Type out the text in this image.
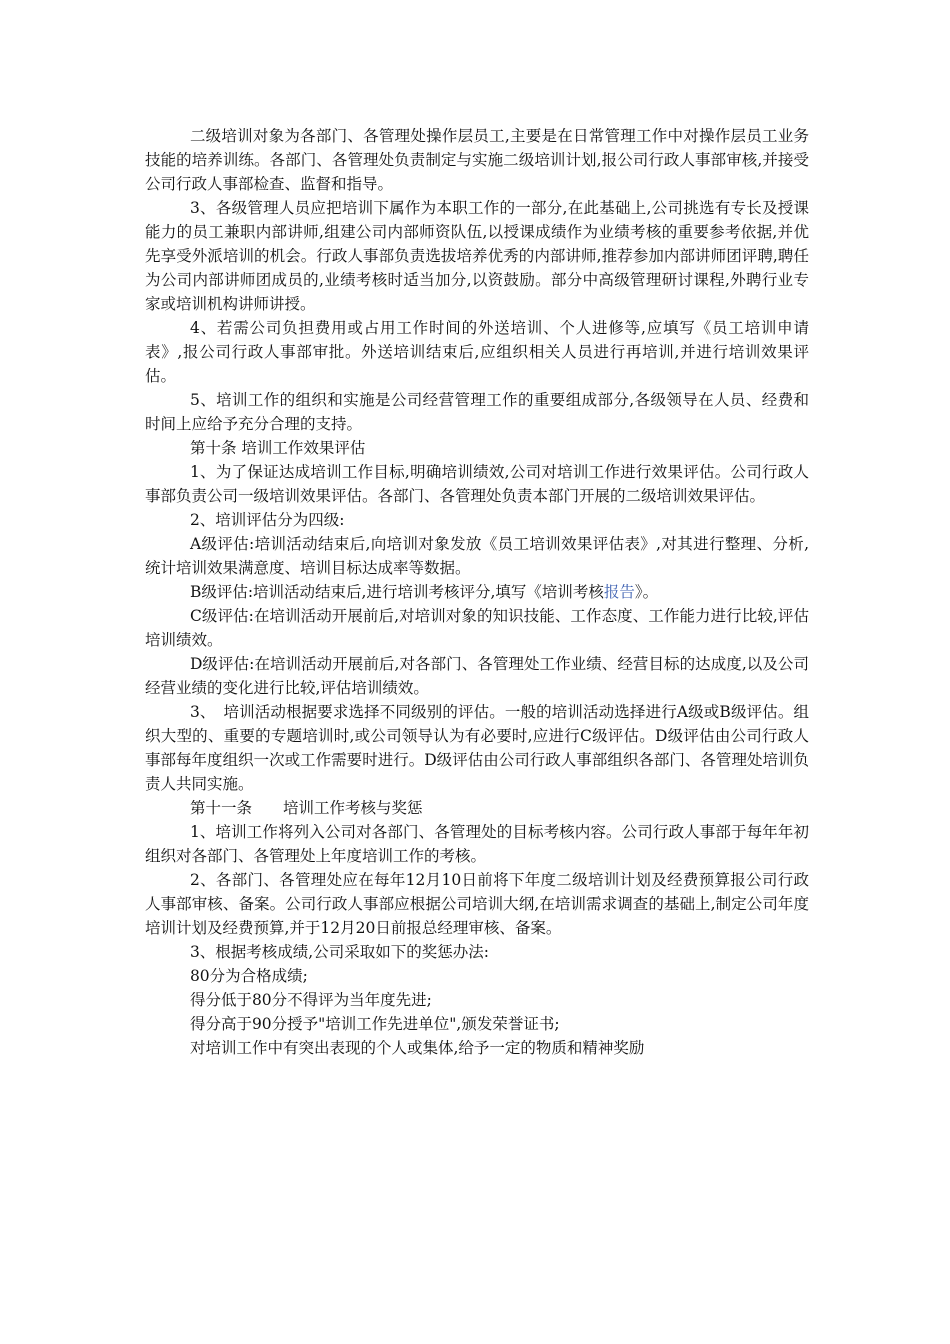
二级培训对象为各部门、各管理处操作层员工,主要是在日常管理工作中对操作层员工业务技能的培养训练。各部门、各管理处负责制定与实施二级培训计划,报公司行政人事部审核,并接受公司行政人事部检查、监督和指导。

3、各级管理人员应把培训下属作为本职工作的一部分,在此基础上,公司挑选有专长及授课能力的员工兼职内部讲师,组建公司内部师资队伍,以授课成绩作为业绩考核的重要参考依据,并优先享受外派培训的机会。行政人事部负责选拔培养优秀的内部讲师,推荐参加内部讲师团评聘,聘任为公司内部讲师团成员的,业绩考核时适当加分,以资鼓励。部分中高级管理研讨课程,外聘行业专家或培训机构讲师讲授。

4、若需公司负担费用或占用工作时间的外送培训、个人进修等,应填写《员工培训申请表》,报公司行政人事部审批。外送培训结束后,应组织相关人员进行再培训,并进行培训效果评估。

5、培训工作的组织和实施是公司经营管理工作的重要组成部分,各级领导在人员、经费和时间上应给予充分合理的支持。

第十条 培训工作效果评估

1、为了保证达成培训工作目标,明确培训绩效,公司对培训工作进行效果评估。公司行政人事部负责公司一级培训效果评估。各部门、各管理处负责本部门开展的二级培训效果评估。

2、培训评估分为四级:

A级评估:培训活动结束后,向培训对象发放《员工培训效果评估表》,对其进行整理、分析,统计培训效果满意度、培训目标达成率等数据。

B级评估:培训活动结束后,进行培训考核评分,填写《培训考核报告》。

C级评估:在培训活动开展前后,对培训对象的知识技能、工作态度、工作能力进行比较,评估培训绩效。

D级评估:在培训活动开展前后,对各部门、各管理处工作业绩、经营目标的达成度,以及公司经营业绩的变化进行比较,评估培训绩效。

3、　培训活动根据要求选择不同级别的评估。一般的培训活动选择进行A级或B级评估。组织大型的、重要的专题培训时,或公司领导认为有必要时,应进行C级评估。D级评估由公司行政人事部每年度组织一次或工作需要时进行。D级评估由公司行政人事部组织各部门、各管理处培训负责人共同实施。

第十一条　　培训工作考核与奖惩

1、培训工作将列入公司对各部门、各管理处的目标考核内容。公司行政人事部于每年年初组织对各部门、各管理处上年度培训工作的考核。

2、各部门、各管理处应在每年12月10日前将下年度二级培训计划及经费预算报公司行政人事部审核、备案。公司行政人事部应根据公司培训大纲,在培训需求调查的基础上,制定公司年度培训计划及经费预算,并于12月20日前报总经理审核、备案。

3、根据考核成绩,公司采取如下的奖惩办法:

80分为合格成绩;

得分低于80分不得评为当年度先进;

得分高于90分授予"培训工作先进单位",颁发荣誉证书;

对培训工作中有突出表现的个人或集体,给予一定的物质和精神奖励
